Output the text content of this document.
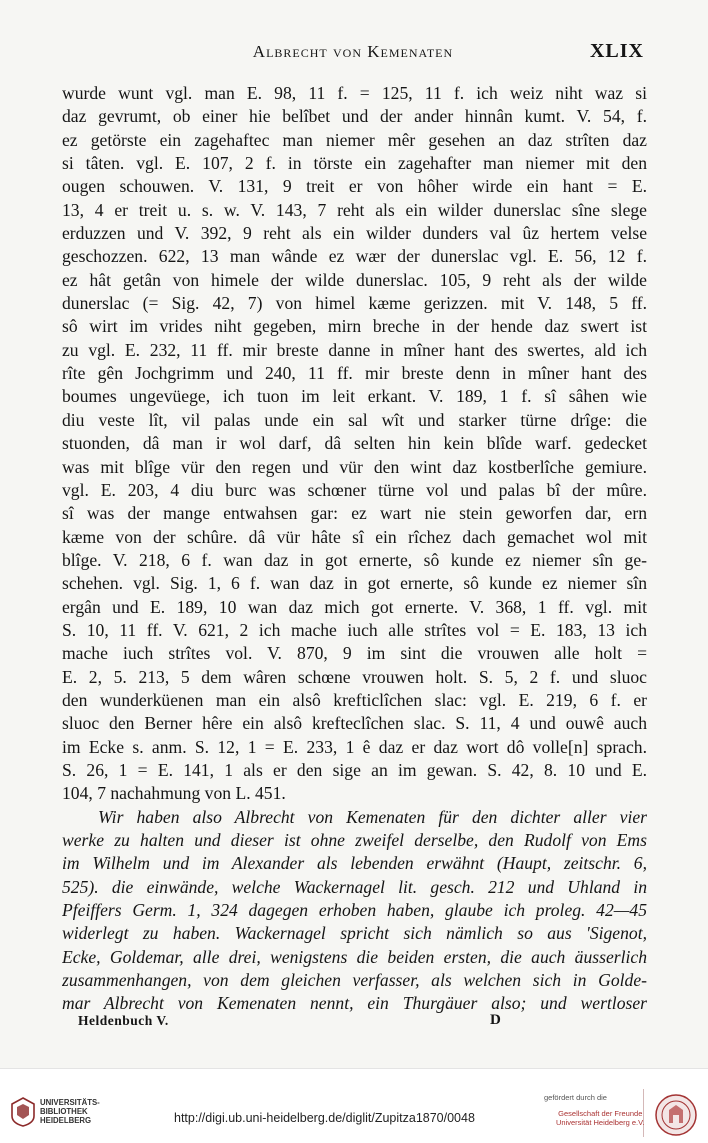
Albrecht von Kemenaten	XLIX
wurde wunt vgl. man E. 98, 11 f. = 125, 11 f. ich weiz niht waz si
daz gevrumt, ob einer hie belîbet und der ander hinnân kumt. V. 54, f.
ez getörste ein zagehaftec man niemer mêr gesehen an daz strîten daz
si tâten. vgl. E. 107, 2 f. in törste ein zagehafter man niemer mit den
ougen schouwen. V. 131, 9 treit er von hôher wirde ein hant = E.
13, 4 er treit u. s. w. V. 143, 7 reht als ein wilder dunerslac sîne slege
erduzzen und V. 392, 9 reht als ein wilder dunders val ûz hertem velse
geschozzen. 622, 13 man wânde ez wær der dunerslac vgl. E. 56, 12 f.
ez hât getân von himele der wilde dunerslac. 105, 9 reht als der wilde
dunerslac (= Sig. 42, 7) von himel kæme gerizzen. mit V. 148, 5 ff.
sô wirt im vrides niht gegeben, mirn breche in der hende daz swert ist
zu vgl. E. 232, 11 ff. mir breste danne in mîner hant des swertes, ald ich
rîte gên Jochgrimm und 240, 11 ff. mir breste denn in mîner hant des
boumes ungevüege, ich tuon im leit erkant. V. 189, 1 f. sî sâhen wie
diu veste lît, vil palas unde ein sal wît und starker türne drîge: die
stuonden, dâ man ir wol darf, dâ selten hin kein blîde warf. gedecket
was mit blîge vür den regen und vür den wint daz kostberlîche gemiure.
vgl. E. 203, 4 diu burc was schœner türne vol und palas bî der mûre.
sî was der mange entwahsen gar: ez wart nie stein geworfen dar, ern
kæme von der schûre. dâ vür hâte sî ein rîchez dach gemachet wol mit
blîge. V. 218, 6 f. wan daz in got ernerte, sô kunde ez niemer sîn ge-
schehen. vgl. Sig. 1, 6 f. wan daz in got ernerte, sô kunde ez niemer sîn
ergân und E. 189, 10 wan daz mich got ernerte. V. 368, 1 ff. vgl. mit
S. 10, 11 ff. V. 621, 2 ich mache iuch alle strîtes vol = E. 183, 13 ich
mache iuch strîtes vol. V. 870, 9 im sint die vrouwen alle holt =
E. 2, 5. 213, 5 dem wâren schœne vrouwen holt. S. 5, 2 f. und sluoc
den wunderküenen man ein alsô krefticlîchen slac: vgl. E. 219, 6 f. er
sluoc den Berner hêre ein alsô krefteclîchen slac. S. 11, 4 und ouwê auch
im Ecke s. anm. S. 12, 1 = E. 233, 1 ê daz er daz wort dô volle[n] sprach.
S. 26, 1 = E. 141, 1 als er den sige an im gewan. S. 42, 8. 10 und E.
104, 7 nachahmung von L. 451.
Wir haben also Albrecht von Kemenaten für den dichter aller vier
werke zu halten und dieser ist ohne zweifel derselbe, den Rudolf von Ems
im Wilhelm und im Alexander als lebenden erwähnt (Haupt, zeitschr. 6,
525). die einwände, welche Wackernagel lit. gesch. 212 und Uhland in
Pfeiffers Germ. 1, 324 dagegen erhoben haben, glaube ich proleg. 42—45
widerlegt zu haben. Wackernagel spricht sich nämlich so aus 'Sigenot,
Ecke, Goldemar, alle drei, wenigstens die beiden ersten, die auch äusserlich
zusammenhangen, von dem gleichen verfasser, als welchen sich in Golde-
mar Albrecht von Kemenaten nennt, ein Thurgäuer also; und wertloser
Heldenbuch V.	D
UNIVERSITÄTS-
BIBLIOTHEK
HEIDELBERG	http://digi.ub.uni-heidelberg.de/diglit/Zupitza1870/0048
gefördert durch die
Gesellschaft der Freunde
Universität Heidelberg e.V.
